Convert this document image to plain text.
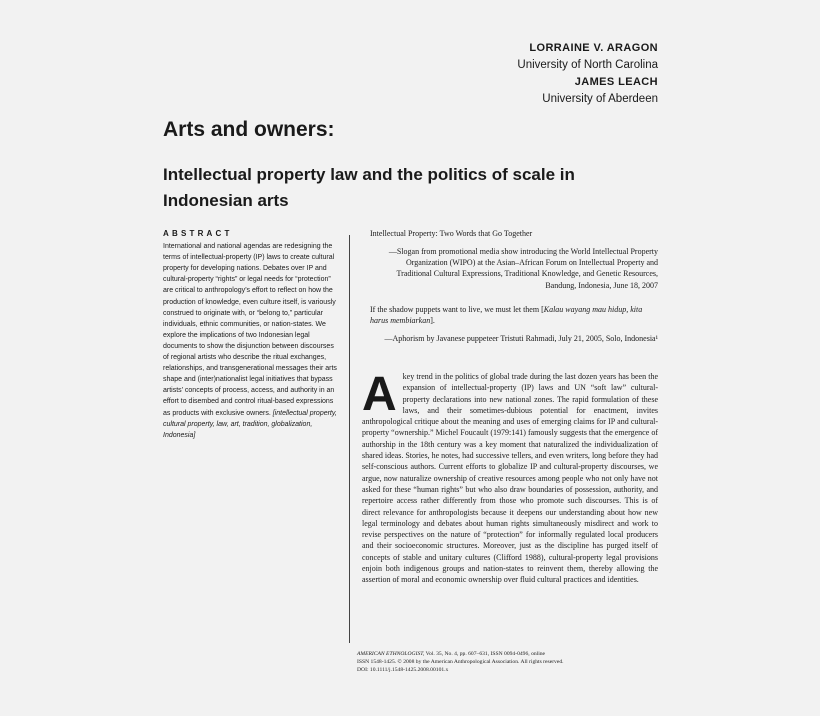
LORRAINE V. ARAGON
University of North Carolina
JAMES LEACH
University of Aberdeen
Arts and owners:
Intellectual property law and the politics of scale in Indonesian arts
ABSTRACT
International and national agendas are redesigning the terms of intellectual-property (IP) laws to create cultural property for developing nations. Debates over IP and cultural-property “rights” or legal needs for “protection” are critical to anthropology’s effort to reflect on how the production of knowledge, even culture itself, is variously construed to originate with, or “belong to,” particular individuals, ethnic communities, or nation-states. We explore the implications of two Indonesian legal documents to show the disjunction between discourses of regional artists who describe the ritual exchanges, relationships, and transgenerational messages their arts shape and (inter)nationalist legal initiatives that bypass artists’ concepts of process, access, and authority in an effort to disembed and control ritual-based expressions as products with exclusive owners. [intellectual property, cultural property, law, art, tradition, globalization, Indonesia]
Intellectual Property: Two Words that Go Together
—Slogan from promotional media show introducing the World Intellectual Property Organization (WIPO) at the Asian–African Forum on Intellectual Property and Traditional Cultural Expressions, Traditional Knowledge, and Genetic Resources, Bandung, Indonesia, June 18, 2007
If the shadow puppets want to live, we must let them [Kalau wayang mau hidup, kita harus membiarkan].
—Aphorism by Javanese puppeteer Tristuti Rahmadi, July 21, 2005, Solo, Indonesia¹
A key trend in the politics of global trade during the last dozen years has been the expansion of intellectual-property (IP) laws and UN “soft law” cultural-property declarations into new national zones. The rapid formulation of these laws, and their sometimes-dubious potential for enactment, invites anthropological critique about the meaning and uses of emerging claims for IP and cultural-property “ownership.” Michel Foucault (1979:141) famously suggests that the emergence of authorship in the 18th century was a key moment that naturalized the individualization of shared ideas. Stories, he notes, had successive tellers, and even writers, long before they had self-conscious authors. Current efforts to globalize IP and cultural-property discourses, we argue, now naturalize ownership of creative resources among people who not only have not asked for these “human rights” but who also draw boundaries of possession, authority, and repertoire access rather differently from those who promote such discourses. This is of direct relevance for anthropologists because it deepens our understanding about how new legal terminology and debates about human rights simultaneously misdirect and work to revise perspectives on the nature of “protection” for informally regulated local producers and their socioeconomic structures. Moreover, just as the discipline has purged itself of concepts of stable and unitary cultures (Clifford 1988), cultural-property legal provisions enjoin both indigenous groups and nation-states to reinvent them, thereby allowing the assertion of moral and economic ownership over fluid cultural practices and identities.
AMERICAN ETHNOLOGIST, Vol. 35, No. 4, pp. 607–631, ISSN 0094-0496, online
ISSN 1548-1425. © 2008 by the American Anthropological Association. All rights reserved.
DOI: 10.1111/j.1548-1425.2008.00101.x
